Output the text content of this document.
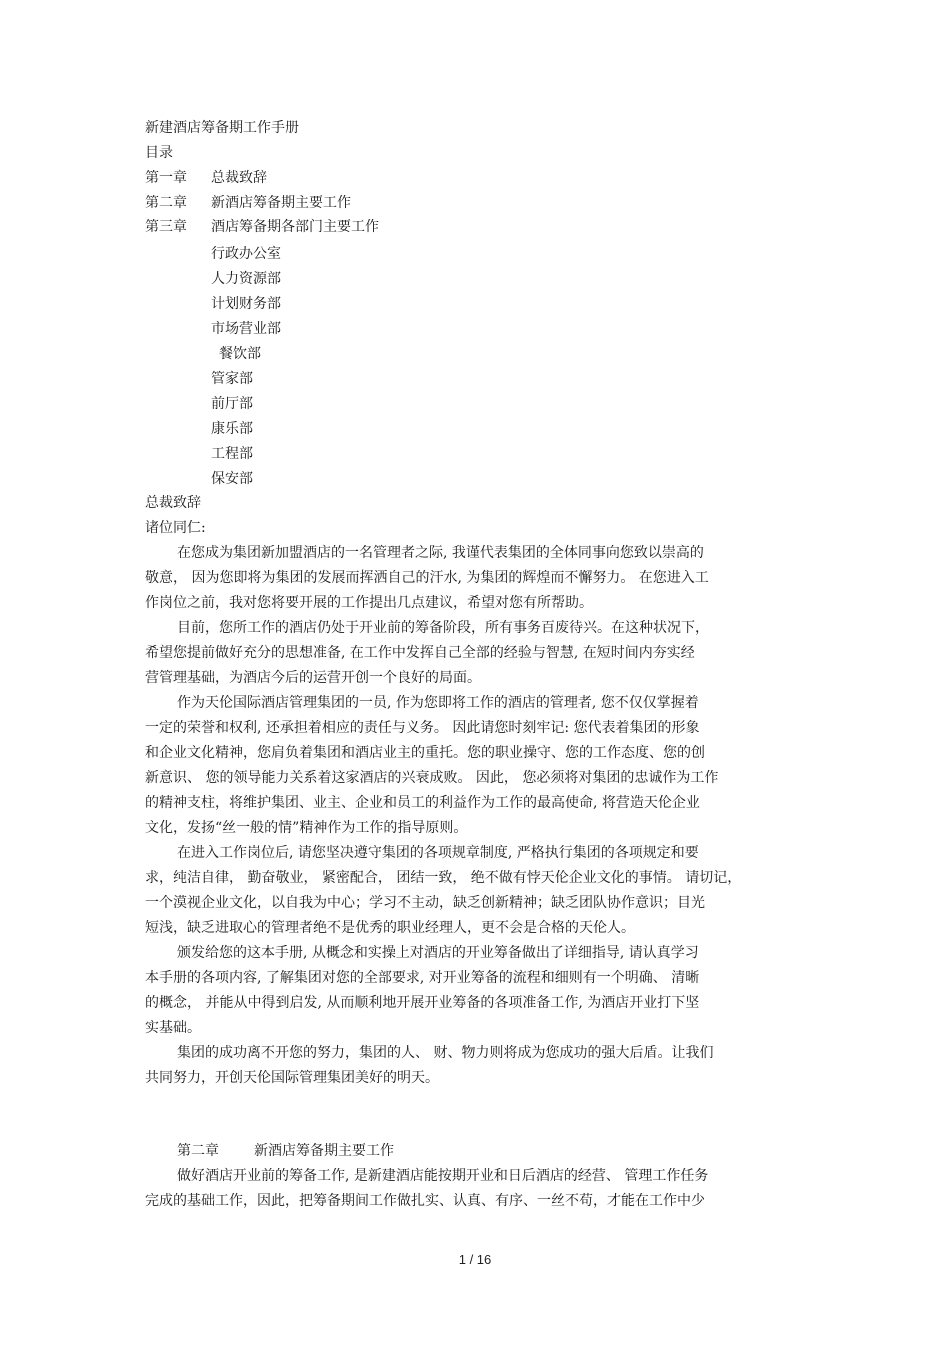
新建酒店筹备期工作手册
目录
第一章 总裁致辞
第二章 新酒店筹备期主要工作
第三章 酒店筹备期各部门主要工作
行政办公室
人力资源部
计划财务部
市场营业部
餐饮部
管家部
前厅部
康乐部
工程部
保安部
总裁致辞
诸位同仁:
在您成为集团新加盟酒店的一名管理者之际, 我谨代表集团的全体同事向您致以崇高的
敬意， 因为您即将为集团的发展而挥洒自己的汗水, 为集团的辉煌而不懈努力。 在您进入工
作岗位之前，我对您将要开展的工作提出几点建议，希望对您有所帮助。
目前，您所工作的酒店仍处于开业前的筹备阶段，所有事务百废待兴。在这种状况下，
希望您提前做好充分的思想准备, 在工作中发挥自己全部的经验与智慧, 在短时间内夯实经
营管理基础，为酒店今后的运营开创一个良好的局面。
作为天伦国际酒店管理集团的一员, 作为您即将工作的酒店的管理者, 您不仅仅掌握着
一定的荣誉和权利, 还承担着相应的责任与义务。 因此请您时刻牢记: 您代表着集团的形象
和企业文化精神，您肩负着集团和酒店业主的重托。您的职业操守、您的工作态度、您的创
新意识、 您的领导能力关系着这家酒店的兴衰成败。 因此， 您必须将对集团的忠诚作为工作
的精神支柱，将维护集团、业主、企业和员工的利益作为工作的最高使命, 将营造天伦企业
文化，发扬“丝一般的情”精神作为工作的指导原则。
在进入工作岗位后, 请您坚决遵守集团的各项规章制度, 严格执行集团的各项规定和要
求，纯洁自律， 勤奋敬业， 紧密配合， 团结一致， 绝不做有悖天伦企业文化的事情。 请切记，
一个漠视企业文化，以自我为中心；学习不主动，缺乏创新精神；缺乏团队协作意识；目光
短浅，缺乏进取心的管理者绝不是优秀的职业经理人，更不会是合格的天伦人。
颁发给您的这本手册, 从概念和实操上对酒店的开业筹备做出了详细指导, 请认真学习
本手册的各项内容, 了解集团对您的全部要求, 对开业筹备的流程和细则有一个明确、 清晰
的概念， 并能从中得到启发, 从而顺利地开展开业筹备的各项准备工作, 为酒店开业打下坚
实基础。
集团的成功离不开您的努力，集团的人、 财、物力则将成为您成功的强大后盾。让我们
共同努力，开创天伦国际管理集团美好的明天。
第二章	新酒店筹备期主要工作
做好酒店开业前的筹备工作, 是新建酒店能按期开业和日后酒店的经营、 管理工作任务
完成的基础工作，因此，把筹备期间工作做扎实、认真、有序、一丝不苟，才能在工作中少
1 / 16
